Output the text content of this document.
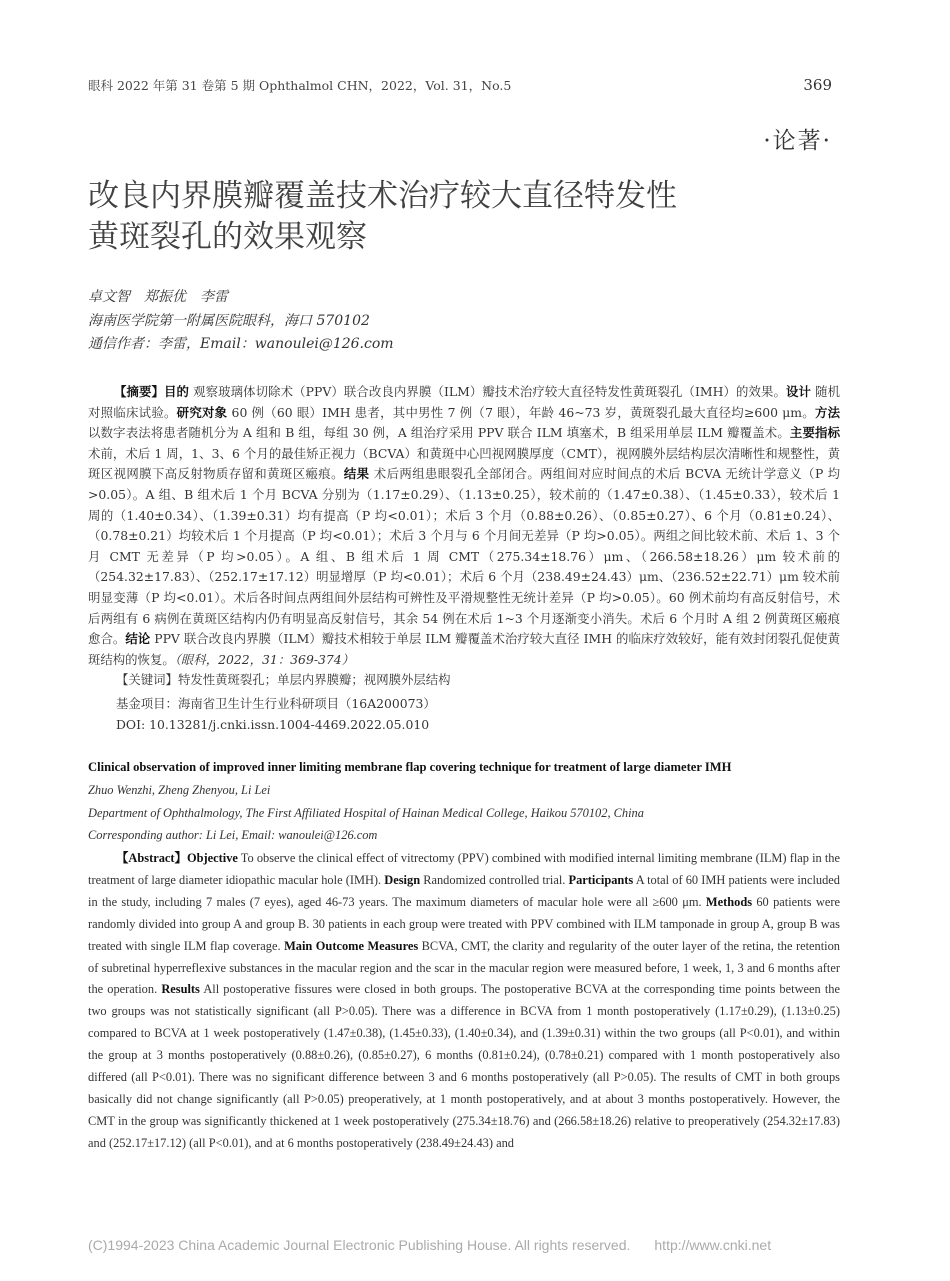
眼科 2022 年第 31 卷第 5 期 Ophthalmol CHN，2022，Vol. 31，No.5	369
·论著·
改良内界膜瓣覆盖技术治疗较大直径特发性
黄斑裂孔的效果观察
卓文智　郑振优　李雷
海南医学院第一附属医院眼科，海口 570102
通信作者：李雷，Email：wanoulei@126.com

【摘要】目的 观察玻璃体切除术（PPV）联合改良内界膜（ILM）瓣技术治疗较大直径特发性黄斑裂孔（IMH）的效果。设计 随机对照临床试验。研究对象 60 例（60 眼）IMH 患者，其中男性 7 例（7 眼），年龄 46~73 岁，黄斑裂孔最大直径均≥600 μm。方法 以数字表法将患者随机分为 A 组和 B 组，每组 30 例，A 组治疗采用 PPV 联合 ILM 填塞术，B 组采用单层 ILM 瓣覆盖术。主要指标 术前，术后 1 周，1、3、6 个月的最佳矫正视力（BCVA）和黄斑中心凹视网膜厚度（CMT），视网膜外层结构层次清晰性和规整性，黄斑区视网膜下高反射物质存留和黄斑区瘢痕。结果 术后两组患眼裂孔全部闭合。两组间对应时间点的术后 BCVA 无统计学意义（P 均>0.05）。A 组、B 组术后 1 个月 BCVA 分别为（1.17±0.29）、（1.13±0.25），较术前的（1.47±0.38）、（1.45±0.33），较术后 1 周的（1.40±0.34）、（1.39±0.31）均有提高（P 均<0.01）；术后 3 个月（0.88±0.26）、（0.85±0.27）、6 个月（0.81±0.24）、（0.78±0.21）均较术后 1 个月提高（P 均<0.01）；术后 3 个月与 6 个月间无差异（P 均>0.05）。两组之间比较术前、术后 1、3 个月 CMT 无差异（P 均>0.05）。A 组、B 组术后 1 周 CMT（275.34±18.76）μm、（266.58±18.26）μm 较术前的（254.32±17.83）、（252.17±17.12）明显增厚（P 均<0.01）；术后 6 个月（238.49±24.43）μm、（236.52±22.71）μm 较术前明显变薄（P 均<0.01）。术后各时间点两组间外层结构可辨性及平滑规整性无统计差异（P 均>0.05）。60 例术前均有高反射信号，术后两组有 6 病例在黄斑区结构内仍有明显高反射信号，其余 54 例在术后 1~3 个月逐渐变小消失。术后 6 个月时 A 组 2 例黄斑区瘢痕愈合。结论 PPV 联合改良内界膜（ILM）瓣技术相较于单层 ILM 瓣覆盖术治疗较大直径 IMH 的临床疗效较好，能有效封闭裂孔促使黄斑结构的恢复。（眼科，2022，31：369-374）

【关键词】特发性黄斑裂孔；单层内界膜瓣；视网膜外层结构
基金项目：海南省卫生计生行业科研项目（16A200073）
DOI: 10.13281/j.cnki.issn.1004-4469.2022.05.010
Clinical observation of improved inner limiting membrane flap covering technique for treatment of large diameter IMH
Zhuo Wenzhi, Zheng Zhenyou, Li Lei
Department of Ophthalmology, The First Affiliated Hospital of Hainan Medical College, Haikou 570102, China
Corresponding author: Li Lei, Email: wanoulei@126.com

【Abstract】Objective To observe the clinical effect of vitrectomy (PPV) combined with modified internal limiting membrane (ILM) flap in the treatment of large diameter idiopathic macular hole (IMH). Design Randomized controlled trial. Participants A total of 60 IMH patients were included in the study, including 7 males (7 eyes), aged 46-73 years. The maximum diameters of macular hole were all ≥600 μm. Methods 60 patients were randomly divided into group A and group B. 30 patients in each group were treated with PPV combined with ILM tamponade in group A, group B was treated with single ILM flap coverage. Main Outcome Measures BCVA, CMT, the clarity and regularity of the outer layer of the retina, the retention of subretinal hyperreflexive substances in the macular region and the scar in the macular region were measured before, 1 week, 1, 3 and 6 months after the operation. Results All postoperative fissures were closed in both groups. The postoperative BCVA at the corresponding time points between the two groups was not statistically significant (all P>0.05). There was a difference in BCVA from 1 month postoperatively (1.17±0.29), (1.13±0.25) compared to BCVA at 1 week postoperatively (1.47±0.38), (1.45±0.33), (1.40±0.34), and (1.39±0.31) within the two groups (all P<0.01), and within the group at 3 months postoperatively (0.88±0.26), (0.85±0.27), 6 months (0.81±0.24), (0.78±0.21) compared with 1 month postoperatively also differed (all P<0.01). There was no significant difference between 3 and 6 months postoperatively (all P>0.05). The results of CMT in both groups basically did not change significantly (all P>0.05) preoperatively, at 1 month postoperatively, and at about 3 months postoperatively. However, the CMT in the group was significantly thickened at 1 week postoperatively (275.34±18.76) and (266.58±18.26) relative to preoperatively (254.32±17.83) and (252.17±17.12) (all P<0.01), and at 6 months postoperatively (238.49±24.43) and

(C)1994-2023 China Academic Journal Electronic Publishing House. All rights reserved. http://www.cnki.net
